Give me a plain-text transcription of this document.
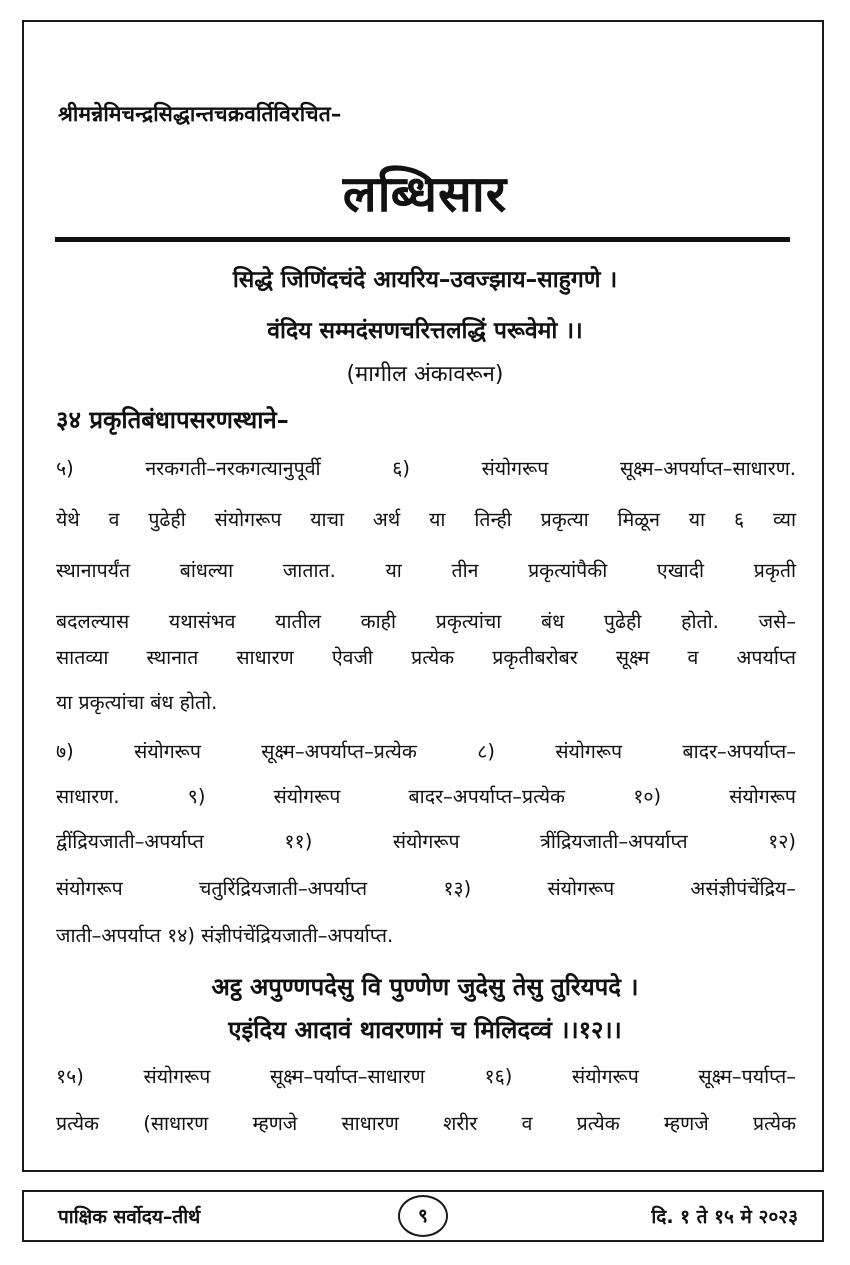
श्रीमन्नेमिचन्द्रसिद्धान्तचक्रवर्तिविरचित–
लब्धिसार
सिद्धे जिणिंदचंदे आयरिय–उवज्झाय–साहुगणे ।
वंदिय सम्मदंसणचरित्तलद्धिं परूवेमो ।।
(मागील अंकावरून)
३४ प्रकृतिबंधापसरणस्थाने–
५) नरकगती–नरकगत्यानुपूर्वी ६) संयोगरूप सूक्ष्म–अपर्याप्त–साधारण.
येथे व पुढेही संयोगरूप याचा अर्थ या तिन्ही प्रकृत्या मिळून या ६ व्या
स्थानापर्यंत बांधल्या जातात. या तीन प्रकृत्यांपैकी एखादी प्रकृती
बदलल्यास यथासंभव यातील काही प्रकृत्यांचा बंध पुढेही होतो. जसे–
सातव्या स्थानात साधारण ऐवजी प्रत्येक प्रकृतीबरोबर सूक्ष्म व अपर्याप्त
या प्रकृत्यांचा बंध होतो.
७) संयोगरूप सूक्ष्म–अपर्याप्त–प्रत्येक ८) संयोगरूप बादर–अपर्याप्त–
साधारण. ९) संयोगरूप बादर–अपर्याप्त–प्रत्येक १०) संयोगरूप
द्वींद्रियजाती–अपर्याप्त ११) संयोगरूप त्रींद्रियजाती–अपर्याप्त १२)
संयोगरूप चतुरिंद्रियजाती–अपर्याप्त १३) संयोगरूप असंज्ञीपंचेंद्रिय–
जाती–अपर्याप्त १४) संज्ञीपंचेंद्रियजाती–अपर्याप्त.
अट्ठ अपुण्णपदेसु वि पुण्णेण जुदेसु तेसु तुरियपदे ।
एइंदिय आदावं थावरणामं च मिलिदव्वं ।।१२।।
१५) संयोगरूप सूक्ष्म–पर्याप्त–साधारण १६) संयोगरूप सूक्ष्म–पर्याप्त–
प्रत्येक (साधारण म्हणजे साधारण शरीर व प्रत्येक म्हणजे प्रत्येक
पाक्षिक सर्वोदय–तीर्थ	९	दि. १ ते १५ मे २०२३
